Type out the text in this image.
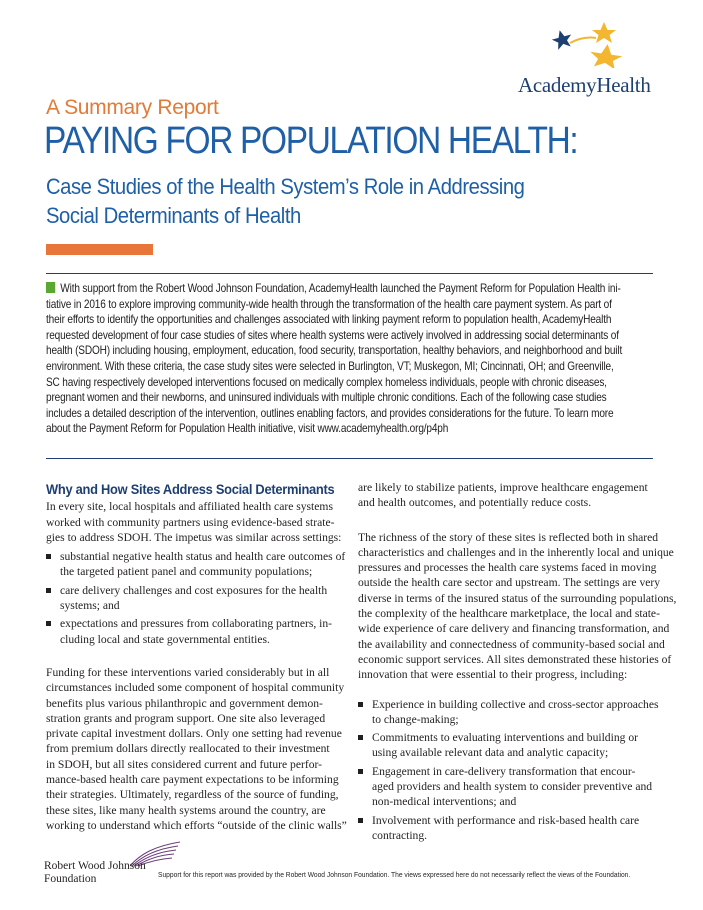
AcademyHealth
A Summary Report
PAYING FOR POPULATION HEALTH:
Case Studies of the Health System’s Role in Addressing
Social Determinants of Health
With support from the Robert Wood Johnson Foundation, AcademyHealth launched the Payment Reform for Population Health ini-
tiative in 2016 to explore improving community-wide health through the transformation of the health care payment system. As part of
their efforts to identify the opportunities and challenges associated with linking payment reform to population health, AcademyHealth
requested development of four case studies of sites where health systems were actively involved in addressing social determinants of
health (SDOH) including housing, employment, education, food security, transportation, healthy behaviors, and neighborhood and built
environment. With these criteria, the case study sites were selected in Burlington, VT; Muskegon, MI; Cincinnati, OH; and Greenville,
SC having respectively developed interventions focused on medically complex homeless individuals, people with chronic diseases,
pregnant women and their newborns, and uninsured individuals with multiple chronic conditions. Each of the following case studies
includes a detailed description of the intervention, outlines enabling factors, and provides considerations for the future. To learn more
about the Payment Reform for Population Health initiative, visit www.academyhealth.org/p4ph
Why and How Sites Address Social Determinants
In every site, local hospitals and affiliated health care systems
worked with community partners using evidence-based strate-
gies to address SDOH. The impetus was similar across settings:
substantial negative health status and health care outcomes of
the targeted patient panel and community populations;
care delivery challenges and cost exposures for the health
systems; and
expectations and pressures from collaborating partners, in-
cluding local and state governmental entities.
Funding for these interventions varied considerably but in all
circumstances included some component of hospital community
benefits plus various philanthropic and government demon-
stration grants and program support. One site also leveraged
private capital investment dollars. Only one setting had revenue
from premium dollars directly reallocated to their investment
in SDOH, but all sites considered current and future perfor-
mance-based health care payment expectations to be informing
their strategies. Ultimately, regardless of the source of funding,
these sites, like many health systems around the country, are
working to understand which efforts “outside of the clinic walls”
are likely to stabilize patients, improve healthcare engagement
and health outcomes, and potentially reduce costs.
The richness of the story of these sites is reflected both in shared
characteristics and challenges and in the inherently local and unique
pressures and processes the health care systems faced in moving
outside the health care sector and upstream. The settings are very
diverse in terms of the insured status of the surrounding populations,
the complexity of the healthcare marketplace, the local and state-
wide experience of care delivery and financing transformation, and
the availability and connectedness of community-based social and
economic support services. All sites demonstrated these histories of
innovation that were essential to their progress, including:
Experience in building collective and cross-sector approaches
to change-making;
Commitments to evaluating interventions and building or
using available relevant data and analytic capacity;
Engagement in care-delivery transformation that encour-
aged providers and health system to consider preventive and
non-medical interventions; and
Involvement with performance and risk-based health care
contracting.
Robert Wood Johnson
Foundation	Support for this report was provided by the Robert Wood Johnson Foundation. The views expressed here do not necessarily reflect the views of the Foundation.
